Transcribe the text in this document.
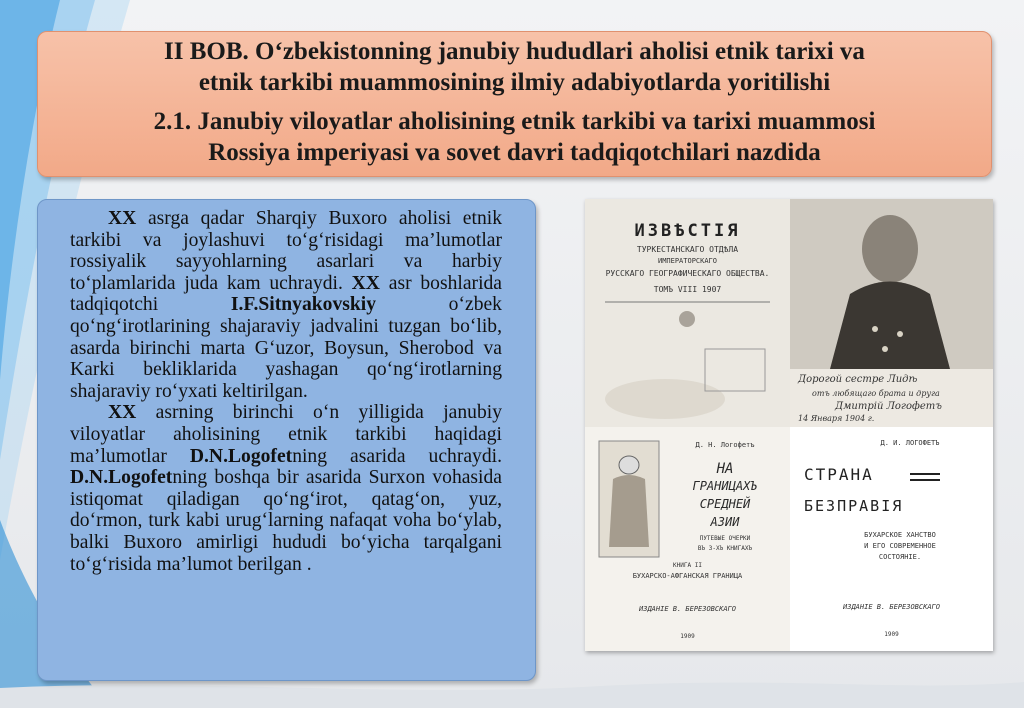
II BOB. O‘zbekistonning janubiy hududlari aholisi etnik tarixi va

etnik tarkibi muammosining ilmiy adabiyotlarda yoritilishi

2.1. Janubiy viloyatlar aholisining etnik tarkibi va tarixi muammosi

Rossiya imperiyasi va sovet davri tadqiqotchilari nazdida

XX asrga qadar Sharqiy Buxoro aholisi etnik tarkibi va joylashuvi to‘g‘risidagi ma’lumotlar rossiyalik sayyohlarning asarlari va harbiy to‘plamlarida juda kam uchraydi. XX asr boshlarida tadqiqotchi I.F.Sitnyakovskiy o‘zbek qo‘ng‘irotlarining shajaraviy jadvalini tuzgan bo‘lib, asarda birinchi marta G‘uzor, Boysun, Sherobod va Karki bekliklarida yashagan qo‘ng‘irotlarning shajaraviy ro‘yxati keltirilgan.

XX asrning birinchi o‘n yilligida janubiy viloyatlar aholisining etnik tarkibi haqidagi ma’lumotlar D.N.Logofetning asarida uchraydi. D.N.Logofetning boshqa bir asarida Surxon vohasida istiqomat qiladigan qo‘ng‘irot, qatag‘on, yuz, do‘rmon, turk kabi urug‘larning nafaqat voha bo‘ylab, balki Buxoro amirligi hududi bo‘yicha tarqalgani to‘g‘risida ma’lumot berilgan .

ИЗВѢСТІЯ
ТУРКЕСТАНСКАГО ОТДѢЛА
ИМПЕРАТОРСКАГО
РУССКАГО ГЕОГРАФИЧЕСКАГО ОБЩЕСТВА.
ТОМЪ VIII 1907
Дорогой сестре Лидѣ
отъ любящаго брата и друга
Дмитрiй Логофетъ
14 Января 1904 г.
Д. Н. Логофетъ
НА
ГРАНИЦАХЪ
СРЕДНЕЙ
АЗИИ
ПУТЕВЫЕ ОЧЕРКИ
ВЪ 3-ХЪ КНИГАХЪ
КНИГА II
БУХАРСКО-АФГАНСКАЯ ГРАНИЦА
ИЗДАНІЕ В. БЕРЕЗОВСКАГО
1909
Д. И. ЛОГОФЕТЪ
СТРАНА
БЕЗПРАВІЯ
БУХАРСКОЕ ХАНСТВО
И ЕГО СОВРЕМЕННОЕ
СОСТОЯНІЕ.
ИЗДАНІЕ В. БЕРЕЗОВСКАГО
1909
